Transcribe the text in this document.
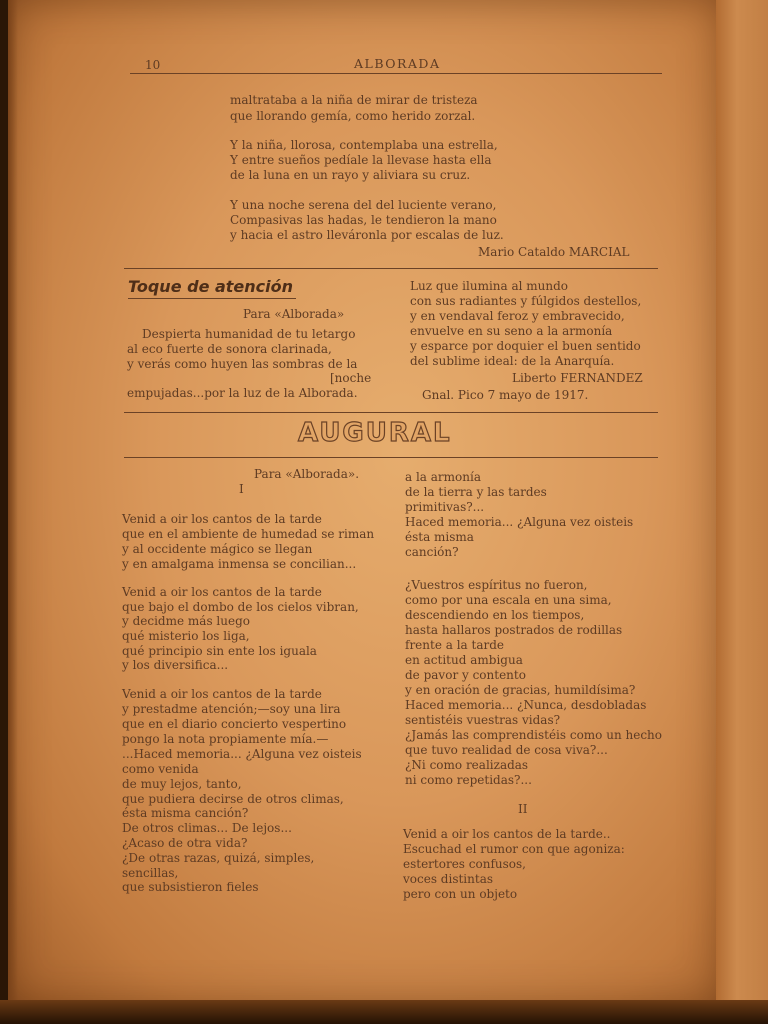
10	ALBORADA
maltrataba a la niña de mirar de tristeza
que llorando gemía, como herido zorzal.
Y la niña, llorosa, contemplaba una estrella,
Y entre sueños pedíale la llevase hasta ella
de la luna en un rayo y aliviara su cruz.
Y una noche serena del del luciente verano,
Compasivas las hadas, le tendieron la mano
y hacia el astro lleváronla por escalas de luz.
Mario Cataldo MARCIAL
Toque de atención
Para «Alborada»
Despierta humanidad de tu letargo
al eco fuerte de sonora clarinada,
y verás como huyen las sombras de la
[noche
empujadas...por la luz de la Alborada.
Luz que ilumina al mundo
con sus radiantes y fúlgidos destellos,
y en vendaval feroz y embravecido,
envuelve en su seno a la armonía
y esparce por doquier el buen sentido
del sublime ideal: de la Anarquía.
Liberto FERNANDEZ
Gnal. Pico 7 mayo de 1917.
AUGURAL
Para «Alborada».
I
Venid a oir los cantos de la tarde
que en el ambiente de humedad se riman
y al occidente mágico se llegan
y en amalgama inmensa se concilian...
Venid a oir los cantos de la tarde
que bajo el dombo de los cielos vibran,
y decidme más luego
qué misterio los liga,
qué principio sin ente los iguala
y los diversifica...
Venid a oir los cantos de la tarde
y prestadme atención;—soy una lira
que en el diario concierto vespertino
pongo la nota propiamente mía.—
...Haced memoria... ¿Alguna vez oisteis
como venida
de muy lejos, tanto,
que pudiera decirse de otros climas,
ésta misma canción?
De otros climas... De lejos...
¿Acaso de otra vida?
¿De otras razas, quizá, simples,
sencillas,
que subsistieron fieles
a la armonía
de la tierra y las tardes
primitivas?...
Haced memoria... ¿Alguna vez oisteis
ésta misma
canción?
¿Vuestros espíritus no fueron,
como por una escala en una sima,
descendiendo en los tiempos,
hasta hallaros postrados de rodillas
frente a la tarde
en actitud ambigua
de pavor y contento
y en oración de gracias, humildísima?
Haced memoria... ¿Nunca, desdobladas
sentistéis vuestras vidas?
¿Jamás las comprendistéis como un hecho
que tuvo realidad de cosa viva?...
¿Ni como realizadas
ni como repetidas?...
II
Venid a oir los cantos de la tarde..
Escuchad el rumor con que agoniza:
estertores confusos,
voces distintas
pero con un objeto
